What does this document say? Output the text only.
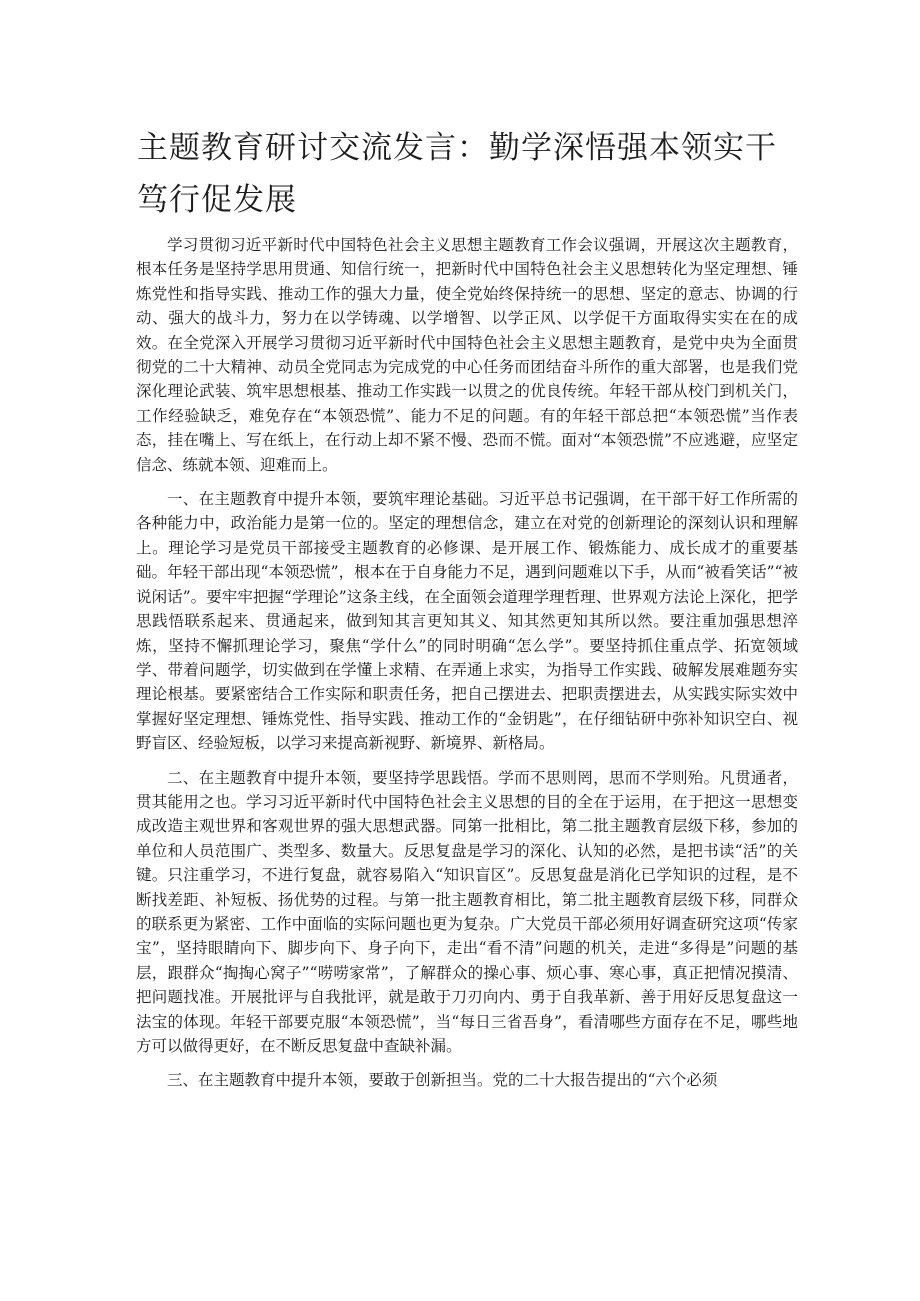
主题教育研讨交流发言：勤学深悟强本领实干笃行促发展

学习贯彻习近平新时代中国特色社会主义思想主题教育工作会议强调，开展这次主题教育，根本任务是坚持学思用贯通、知信行统一，把新时代中国特色社会主义思想转化为坚定理想、锤炼党性和指导实践、推动工作的强大力量，使全党始终保持统一的思想、坚定的意志、协调的行动、强大的战斗力，努力在以学铸魂、以学增智、以学正风、以学促干方面取得实实在在的成效。在全党深入开展学习贯彻习近平新时代中国特色社会主义思想主题教育，是党中央为全面贯彻党的二十大精神、动员全党同志为完成党的中心任务而团结奋斗所作的重大部署，也是我们党深化理论武装、筑牢思想根基、推动工作实践一以贯之的优良传统。年轻干部从校门到机关门，工作经验缺乏，难免存在“本领恐慌”、能力不足的问题。有的年轻干部总把“本领恐慌”当作表态，挂在嘴上、写在纸上，在行动上却不紧不慢、恐而不慌。面对“本领恐慌”不应逃避，应坚定信念、练就本领、迎难而上。

一、在主题教育中提升本领，要筑牢理论基础。习近平总书记强调，在干部干好工作所需的各种能力中，政治能力是第一位的。坚定的理想信念，建立在对党的创新理论的深刻认识和理解上。理论学习是党员干部接受主题教育的必修课、是开展工作、锻炼能力、成长成才的重要基础。年轻干部出现“本领恐慌”，根本在于自身能力不足，遇到问题难以下手，从而“被看笑话”“被说闲话”。要牢牢把握“学理论”这条主线，在全面领会道理学理哲理、世界观方法论上深化，把学思践悟联系起来、贯通起来，做到知其言更知其义、知其然更知其所以然。要注重加强思想淬炼，坚持不懈抓理论学习，聚焦“学什么”的同时明确“怎么学”。要坚持抓住重点学、拓宽领域学、带着问题学，切实做到在学懂上求精、在弄通上求实，为指导工作实践、破解发展难题夯实理论根基。要紧密结合工作实际和职责任务，把自己摆进去、把职责摆进去，从实践实际实效中掌握好坚定理想、锤炼党性、指导实践、推动工作的“金钥匙”，在仔细钻研中弥补知识空白、视野盲区、经验短板，以学习来提高新视野、新境界、新格局。

二、在主题教育中提升本领，要坚持学思践悟。学而不思则罔，思而不学则殆。凡贯通者，贯其能用之也。学习习近平新时代中国特色社会主义思想的目的全在于运用，在于把这一思想变成改造主观世界和客观世界的强大思想武器。同第一批相比，第二批主题教育层级下移，参加的单位和人员范围广、类型多、数量大。反思复盘是学习的深化、认知的必然，是把书读“活”的关键。只注重学习，不进行复盘，就容易陷入“知识盲区”。反思复盘是消化已学知识的过程，是不断找差距、补短板、扬优势的过程。与第一批主题教育相比，第二批主题教育层级下移，同群众的联系更为紧密、工作中面临的实际问题也更为复杂。广大党员干部必须用好调查研究这项“传家宝”，坚持眼睛向下、脚步向下、身子向下，走出“看不清”问题的机关，走进“多得是”问题的基层，跟群众“掏掏心窝子”“唠唠家常”，了解群众的操心事、烦心事、寒心事，真正把情况摸清、把问题找准。开展批评与自我批评，就是敢于刀刃向内、勇于自我革新、善于用好反思复盘这一法宝的体现。年轻干部要克服“本领恐慌”，当“每日三省吾身”，看清哪些方面存在不足，哪些地方可以做得更好，在不断反思复盘中查缺补漏。

三、在主题教育中提升本领，要敢于创新担当。党的二十大报告提出的“六个必须
